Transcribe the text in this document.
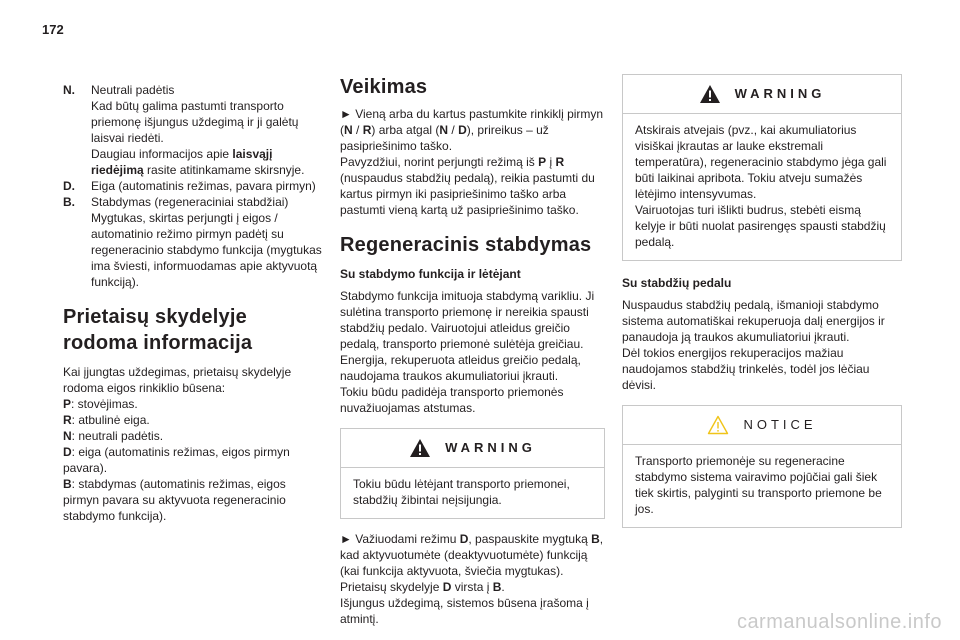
172
N.	Neutrali padėtis
Kad būtų galima pastumti transporto priemonę išjungus uždegimą ir ji galėtų laisvai riedėti.
Daugiau informacijos apie laisvąjį riedėjimą rasite atitinkamame skirsnyje.
D.	Eiga (automatinis režimas, pavara pirmyn)
B.	Stabdymas (regeneraciniai stabdžiai)
Mygtukas, skirtas perjungti į eigos / automatinio režimo pirmyn padėtį su regeneracinio stabdymo funkcija (mygtukas ima šviesti, informuodamas apie aktyvuotą funkciją).
Prietaisų skydelyje rodoma informacija
Kai įjungtas uždegimas, prietaisų skydelyje rodoma eigos rinkiklio būsena:
P: stovėjimas.
R: atbulinė eiga.
N: neutrali padėtis.
D: eiga (automatinis režimas, eigos pirmyn pavara).
B: stabdymas (automatinis režimas, eigos pirmyn pavara su aktyvuota regeneracinio stabdymo funkcija).
Veikimas
► Vieną arba du kartus pastumkite rinkiklį pirmyn (N / R) arba atgal (N / D), prireikus – už pasipriešinimo taško.
Pavyzdžiui, norint perjungti režimą iš P į R (nuspaudus stabdžių pedalą), reikia pastumti du kartus pirmyn iki pasipriešinimo taško arba pastumti vieną kartą už pasipriešinimo taško.
Regeneracinis stabdymas
Su stabdymo funkcija ir lėtėjant
Stabdymo funkcija imituoja stabdymą varikliu. Ji sulėtina transporto priemonę ir nereikia spausti stabdžių pedalo. Vairuotojui atleidus greičio pedalą, transporto priemonė sulėtėja greičiau. Energija, rekuperuota atleidus greičio pedalą, naudojama traukos akumuliatoriui įkrauti.
Tokiu būdu padidėja transporto priemonės nuvažiuojamas atstumas.
WARNING
Tokiu būdu lėtėjant transporto priemonei, stabdžių žibintai neįsijungia.
► Važiuodami režimu D, paspauskite mygtuką B, kad aktyvuotumėte (deaktyvuotumėte) funkciją (kai funkcija aktyvuota, šviečia mygtukas).
Prietaisų skydelyje D virsta į B.
Išjungus uždegimą, sistemos būsena įrašoma į atmintį.
WARNING
Atskirais atvejais (pvz., kai akumuliatorius visiškai įkrautas ar lauke ekstremali temperatūra), regeneracinio stabdymo jėga gali būti laikinai apribota. Tokiu atveju sumažės lėtėjimo intensyvumas.
Vairuotojas turi išlikti budrus, stebėti eismą kelyje ir būti nuolat pasirengęs spausti stabdžių pedalą.
Su stabdžių pedalu
Nuspaudus stabdžių pedalą, išmanioji stabdymo sistema automatiškai rekuperuoja dalį energijos ir panaudoja ją traukos akumuliatoriui įkrauti.
Dėl tokios energijos rekuperacijos mažiau naudojamos stabdžių trinkelės, todėl jos lėčiau dėvisi.
NOTICE
Transporto priemonėje su regeneracine stabdymo sistema vairavimo pojūčiai gali šiek tiek skirtis, palyginti su transporto priemone be jos.
carmanualsonline.info
